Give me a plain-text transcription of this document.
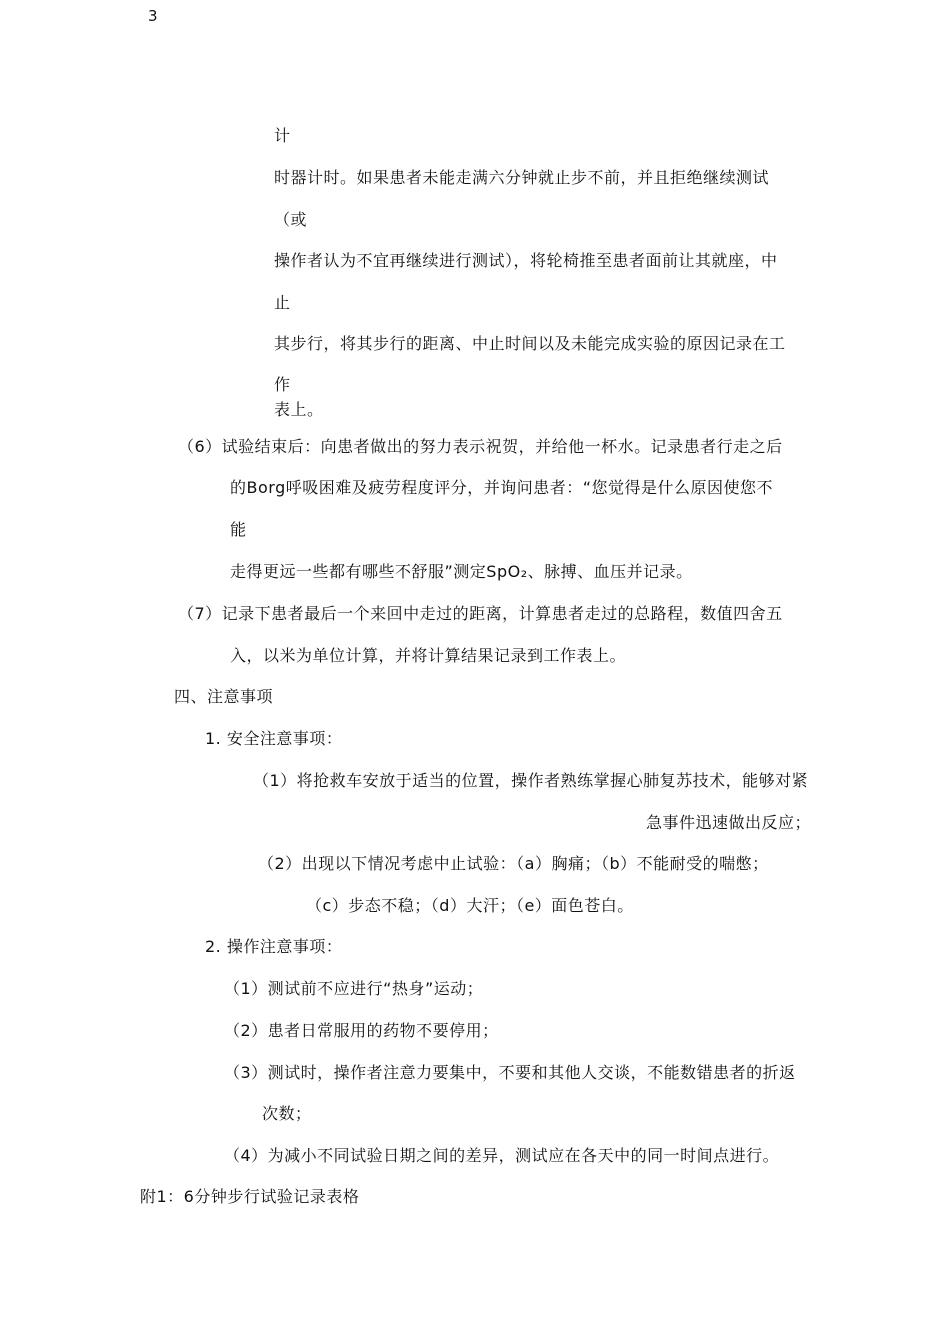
3
计
时器计时。如果患者未能走满六分钟就止步不前，并且拒绝继续测试
（或
操作者认为不宜再继续进行测试），将轮椅推至患者面前让其就座，中
止
其步行，将其步行的距离、中止时间以及未能完成实验的原因记录在工
作
表上。
（6）试验结束后：向患者做出的努力表示祝贺，并给他一杯水。记录患者行走之后
的Borg呼吸困难及疲劳程度评分，并询问患者：“您觉得是什么原因使您不
能
走得更远一些都有哪些不舒服”测定SpO₂、脉搏、血压并记录。
（7）记录下患者最后一个来回中走过的距离，计算患者走过的总路程，数值四舍五
入，以米为单位计算，并将计算结果记录到工作表上。
四、注意事项
1. 安全注意事项：
（1）将抢救车安放于适当的位置，操作者熟练掌握心肺复苏技术，能够对紧
急事件迅速做出反应；
（2）出现以下情况考虑中止试验：（a）胸痛；（b）不能耐受的喘憋；
（c）步态不稳；（d）大汗；（e）面色苍白。
2. 操作注意事项：
（1）测试前不应进行“热身”运动；
（2）患者日常服用的药物不要停用；
（3）测试时，操作者注意力要集中，不要和其他人交谈，不能数错患者的折返
次数；
（4）为减小不同试验日期之间的差异，测试应在各天中的同一时间点进行。
附1：6分钟步行试验记录表格
